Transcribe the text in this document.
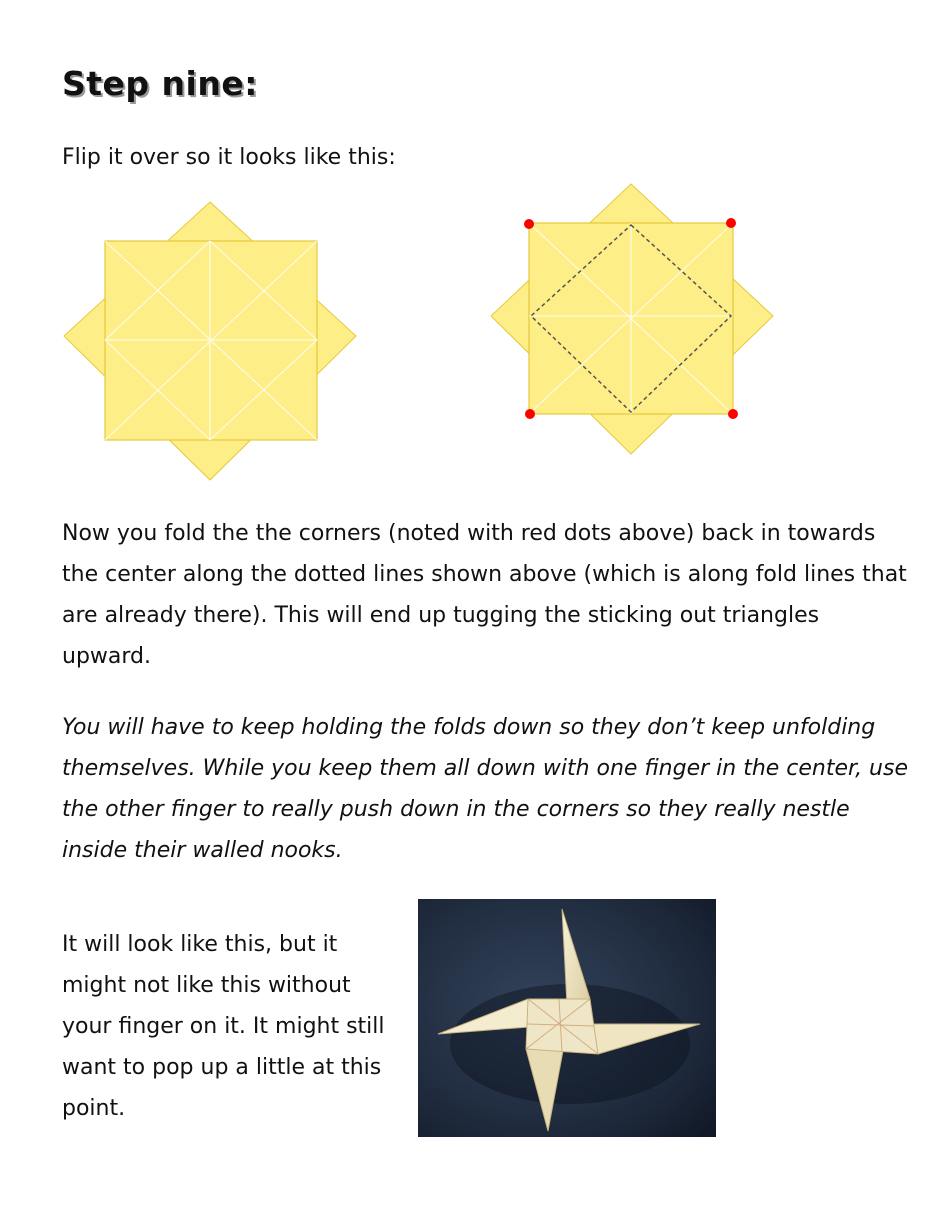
Step nine:

Flip it over so it looks like this:

Now you fold the the corners (noted with red dots above) back in towards the center along the dotted lines shown above (which is along fold lines that are already there). This will end up tugging the sticking out triangles upward.

You will have to keep holding the folds down so they don’t keep unfolding themselves. While you keep them all down with one finger in the center, use the other finger to really push down in the corners so they really nestle inside their walled nooks.

It will look like this, but it might not like this without your finger on it. It might still want to pop up a little at this point.
